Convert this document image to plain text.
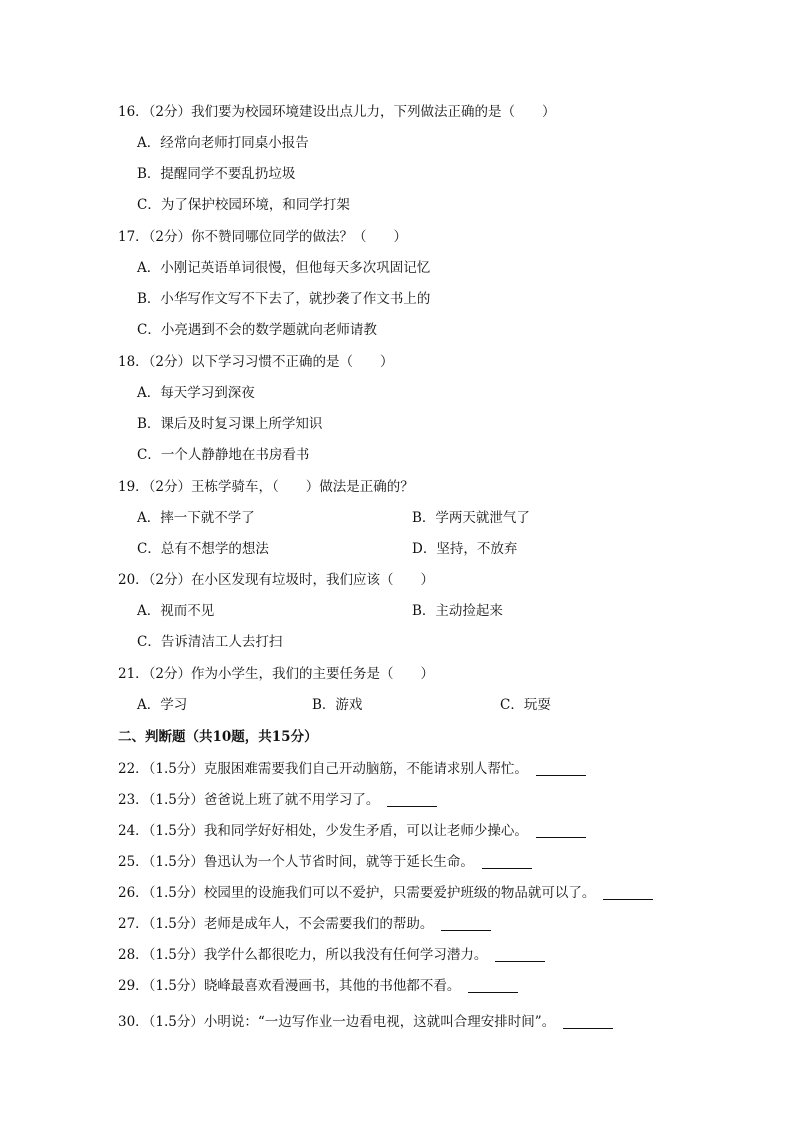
16．（2分）我们要为校园环境建设出点儿力，下列做法正确的是（　　）
A．经常向老师打同桌小报告
B．提醒同学不要乱扔垃圾
C．为了保护校园环境，和同学打架
17．（2分）你不赞同哪位同学的做法？（　　）
A．小刚记英语单词很慢，但他每天多次巩固记忆
B．小华写作文写不下去了，就抄袭了作文书上的
C．小亮遇到不会的数学题就向老师请教
18．（2分）以下学习习惯不正确的是（　　）
A．每天学习到深夜
B．课后及时复习课上所学知识
C．一个人静静地在书房看书
19．（2分）王栋学骑车，（　　）做法是正确的？
A．摔一下就不学了	B．学两天就泄气了
C．总有不想学的想法	D．坚持，不放弃
20．（2分）在小区发现有垃圾时，我们应该（　　）
A．视而不见	B．主动捡起来
C．告诉清洁工人去打扫
21．（2分）作为小学生，我们的主要任务是（　　）
A．学习	B．游戏	C．玩耍
二、判断题（共10题，共15分）
22．（1.5分）克服困难需要我们自己开动脑筋，不能请求别人帮忙。
23．（1.5分）爸爸说上班了就不用学习了。
24．（1.5分）我和同学好好相处，少发生矛盾，可以让老师少操心。
25．（1.5分）鲁迅认为一个人节省时间，就等于延长生命。
26．（1.5分）校园里的设施我们可以不爱护，只需要爱护班级的物品就可以了。
27．（1.5分）老师是成年人，不会需要我们的帮助。
28．（1.5分）我学什么都很吃力，所以我没有任何学习潜力。
29．（1.5分）晓峰最喜欢看漫画书，其他的书他都不看。
30．（1.5分）小明说：“一边写作业一边看电视，这就叫合理安排时间”。
